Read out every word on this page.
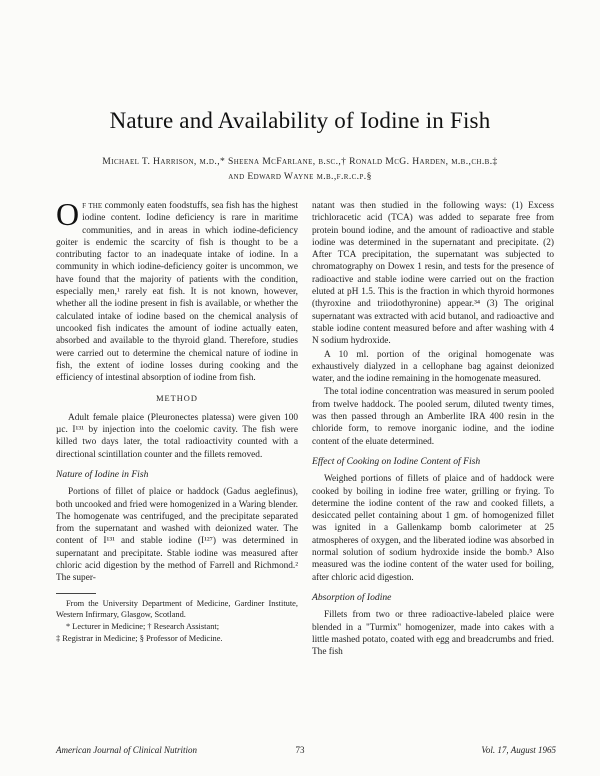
Nature and Availability of Iodine in Fish
Michael T. Harrison, m.d.,* Sheena McFarlane, b.sc.,† Ronald McG. Harden, m.b.,ch.b.‡
and Edward Wayne m.b.,f.r.c.p.§

Of the commonly eaten foodstuffs, sea fish has the highest iodine content. Iodine deficiency is rare in maritime communities, and in areas in which iodine-deficiency goiter is endemic the scarcity of fish is thought to be a contributing factor to an inadequate intake of iodine. In a community in which iodine-deficiency goiter is uncommon, we have found that the majority of patients with the condition, especially men,¹ rarely eat fish. It is not known, however, whether all the iodine present in fish is available, or whether the calculated intake of iodine based on the chemical analysis of uncooked fish indicates the amount of iodine actually eaten, absorbed and available to the thyroid gland. Therefore, studies were carried out to determine the chemical nature of iodine in fish, the extent of iodine losses during cooking and the efficiency of intestinal absorption of iodine from fish.

METHOD

Adult female plaice (Pleuronectes platessa) were given 100 µc. I¹³¹ by injection into the coelomic cavity. The fish were killed two days later, the total radioactivity counted with a directional scintillation counter and the fillets removed.

Nature of Iodine in Fish

Portions of fillet of plaice or haddock (Gadus aeglefinus), both uncooked and fried were homogenized in a Waring blender. The homogenate was centrifuged, and the precipitate separated from the supernatant and washed with deionized water. The content of I¹³¹ and stable iodine (I¹²⁷) was determined in supernatant and precipitate. Stable iodine was measured after chloric acid digestion by the method of Farrell and Richmond.² The super-

From the University Department of Medicine, Gardiner Institute, Western Infirmary, Glasgow, Scotland.

* Lecturer in Medicine; † Research Assistant;

‡ Registrar in Medicine; § Professor of Medicine.

natant was then studied in the following ways: (1) Excess trichloracetic acid (TCA) was added to separate free from protein bound iodine, and the amount of radioactive and stable iodine was determined in the supernatant and precipitate. (2) After TCA precipitation, the supernatant was subjected to chromatography on Dowex 1 resin, and tests for the presence of radioactive and stable iodine were carried out on the fraction eluted at pH 1.5. This is the fraction in which thyroid hormones (thyroxine and triiodothyronine) appear.³⁴ (3) The original supernatant was extracted with acid butanol, and radioactive and stable iodine content measured before and after washing with 4 N sodium hydroxide.

A 10 ml. portion of the original homogenate was exhaustively dialyzed in a cellophane bag against deionized water, and the iodine remaining in the homogenate measured.

The total iodine concentration was measured in serum pooled from twelve haddock. The pooled serum, diluted twenty times, was then passed through an Amberlite IRA 400 resin in the chloride form, to remove inorganic iodine, and the iodine content of the eluate determined.

Effect of Cooking on Iodine Content of Fish

Weighed portions of fillets of plaice and of haddock were cooked by boiling in iodine free water, grilling or frying. To determine the iodine content of the raw and cooked fillets, a desiccated pellet containing about 1 gm. of homogenized fillet was ignited in a Gallenkamp bomb calorimeter at 25 atmospheres of oxygen, and the liberated iodine was absorbed in normal solution of sodium hydroxide inside the bomb.⁵ Also measured was the iodine content of the water used for boiling, after chloric acid digestion.

Absorption of Iodine

Fillets from two or three radioactive-labeled plaice were blended in a "Turmix" homogenizer, made into cakes with a little mashed potato, coated with egg and breadcrumbs and fried. The fish

American Journal of Clinical Nutrition	73	Vol. 17, August 1965
